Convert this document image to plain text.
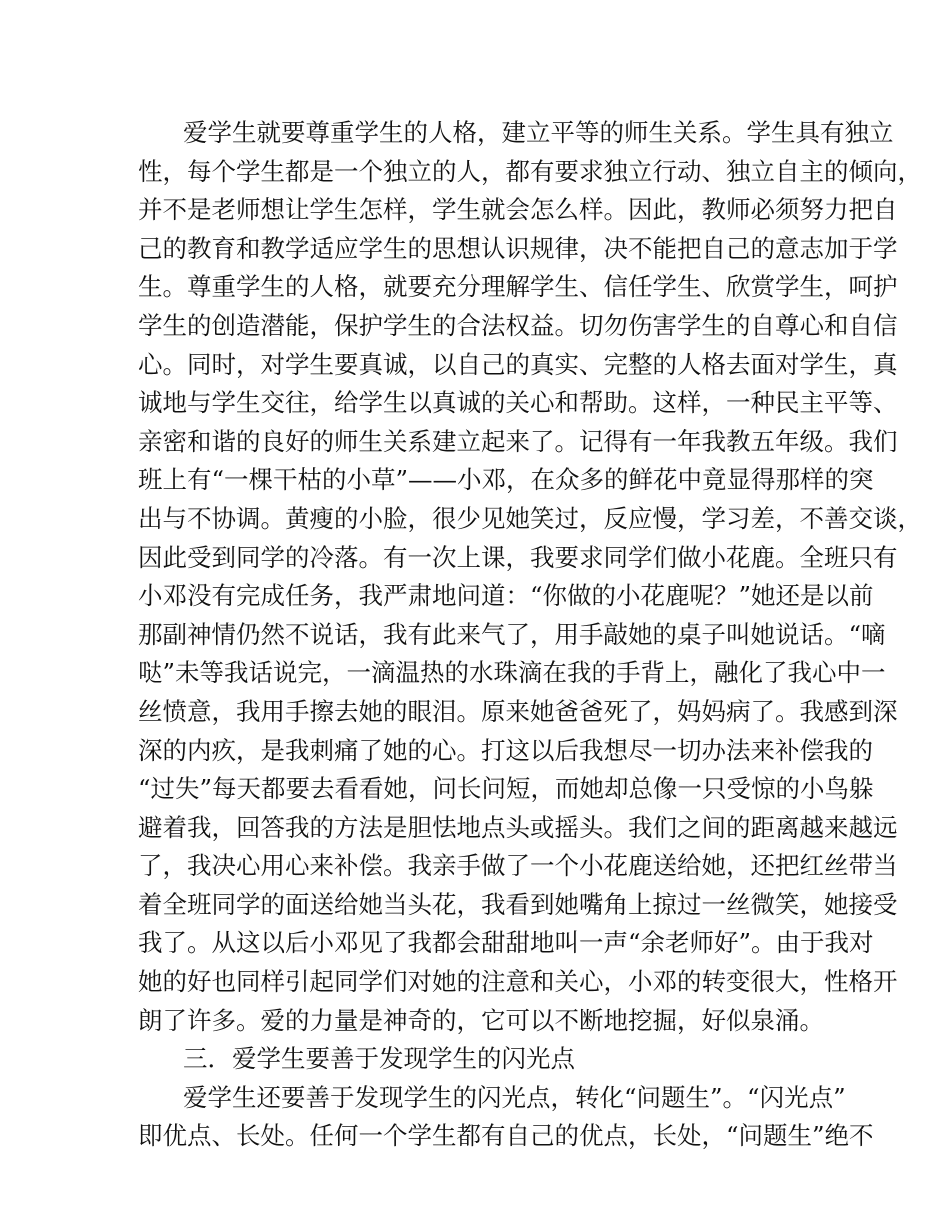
爱学生就要尊重学生的人格，建立平等的师生关系。学生具有独立
性，每个学生都是一个独立的人，都有要求独立行动、独立自主的倾向，
并不是老师想让学生怎样，学生就会怎么样。因此，教师必须努力把自
己的教育和教学适应学生的思想认识规律，决不能把自己的意志加于学
生。尊重学生的人格，就要充分理解学生、信任学生、欣赏学生，呵护
学生的创造潜能，保护学生的合法权益。切勿伤害学生的自尊心和自信
心。同时，对学生要真诚，以自己的真实、完整的人格去面对学生，真
诚地与学生交往，给学生以真诚的关心和帮助。这样，一种民主平等、
亲密和谐的良好的师生关系建立起来了。记得有一年我教五年级。我们
班上有“一棵干枯的小草”——小邓，在众多的鲜花中竟显得那样的突
出与不协调。黄瘦的小脸，很少见她笑过，反应慢，学习差，不善交谈，
因此受到同学的冷落。有一次上课，我要求同学们做小花鹿。全班只有
小邓没有完成任务，我严肃地问道：“你做的小花鹿呢？”她还是以前
那副神情仍然不说话，我有此来气了，用手敲她的桌子叫她说话。“嘀
哒”未等我话说完，一滴温热的水珠滴在我的手背上，融化了我心中一
丝愤意，我用手擦去她的眼泪。原来她爸爸死了，妈妈病了。我感到深
深的内疚，是我刺痛了她的心。打这以后我想尽一切办法来补偿我的
“过失”每天都要去看看她，问长问短，而她却总像一只受惊的小鸟躲
避着我，回答我的方法是胆怯地点头或摇头。我们之间的距离越来越远
了，我决心用心来补偿。我亲手做了一个小花鹿送给她，还把红丝带当
着全班同学的面送给她当头花，我看到她嘴角上掠过一丝微笑，她接受
我了。从这以后小邓见了我都会甜甜地叫一声“余老师好”。由于我对
她的好也同样引起同学们对她的注意和关心，小邓的转变很大，性格开
朗了许多。爱的力量是神奇的，它可以不断地挖掘，好似泉涌。
三．爱学生要善于发现学生的闪光点
爱学生还要善于发现学生的闪光点，转化“问题生”。“闪光点”
即优点、长处。任何一个学生都有自己的优点，长处，“问题生”绝不
